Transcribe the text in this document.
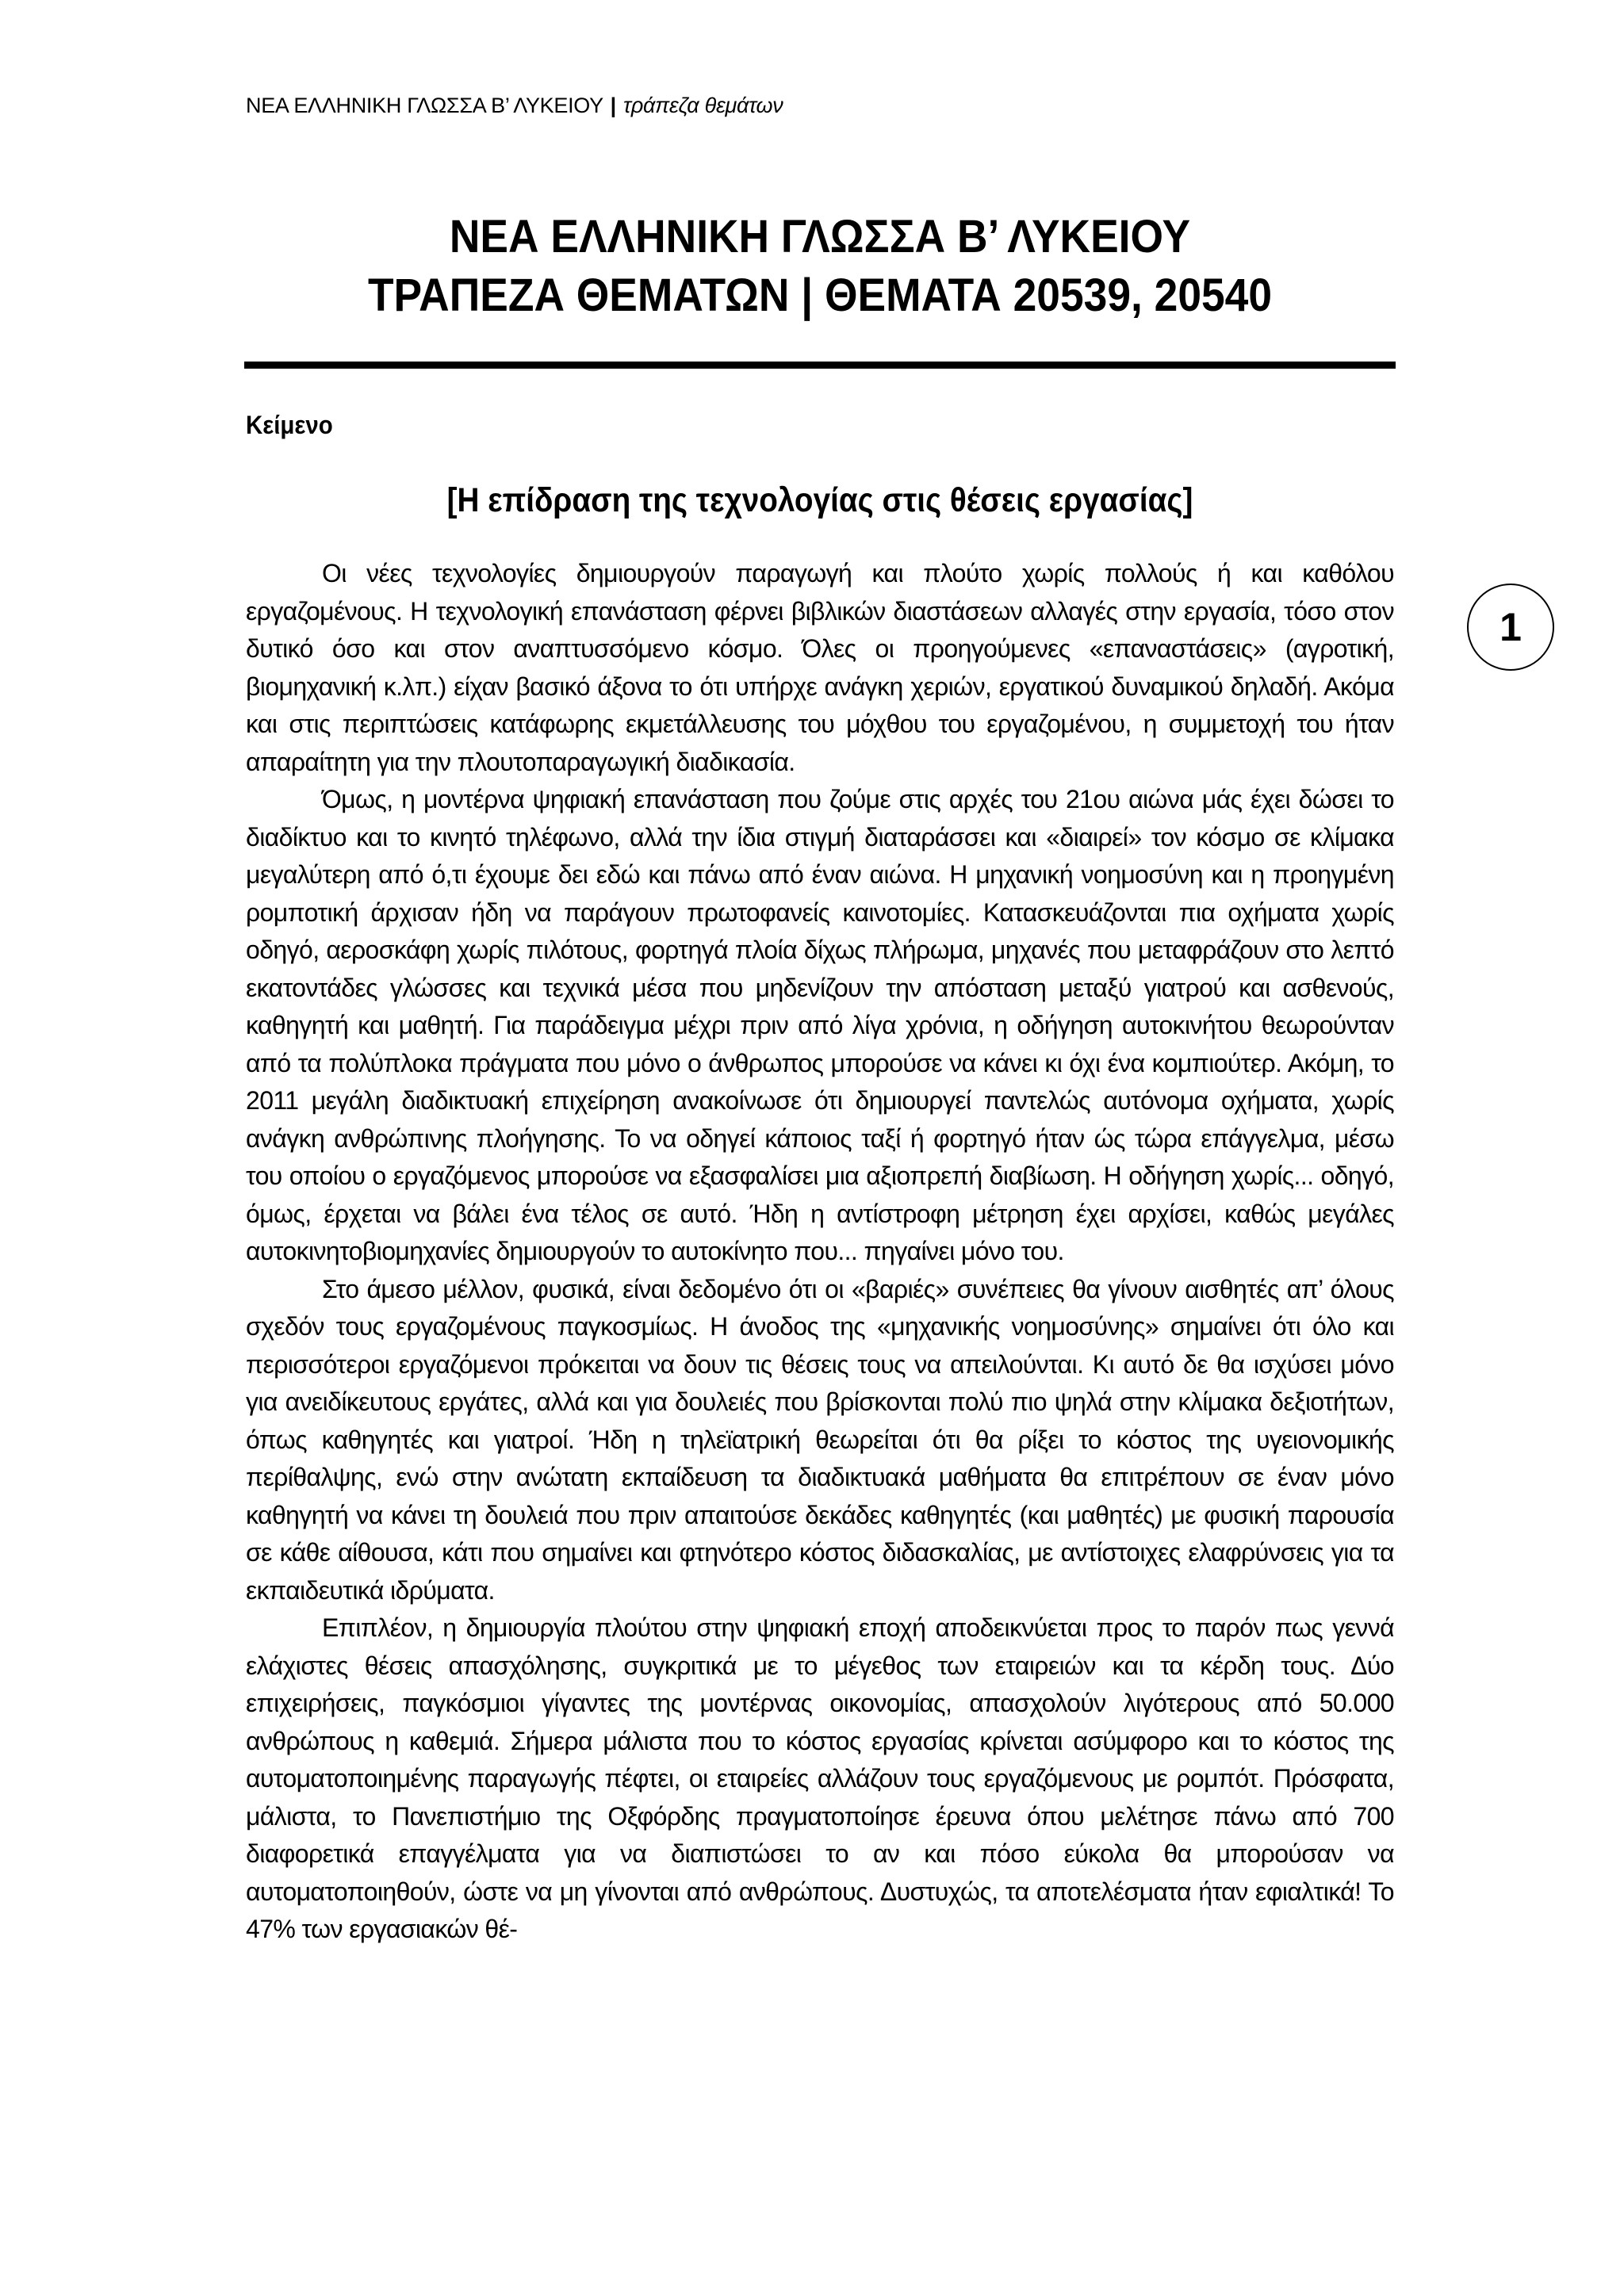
ΝΕΑ ΕΛΛΗΝΙΚΗ ΓΛΩΣΣΑ Β’ ΛΥΚΕΙΟΥ | τράπεζα θεμάτων
ΝΕΑ ΕΛΛΗΝΙΚΗ ΓΛΩΣΣΑ Β’ ΛΥΚΕΙΟΥ
ΤΡΑΠΕΖΑ ΘΕΜΑΤΩΝ | ΘΕΜΑΤΑ 20539, 20540
Κείμενο
[Η επίδραση της τεχνολογίας στις θέσεις εργασίας]
1

Οι νέες τεχνολογίες δημιουργούν παραγωγή και πλούτο χωρίς πολλούς ή και καθόλου εργαζομένους. Η τεχνολογική επανάσταση φέρνει βιβλικών διαστάσεων αλλαγές στην εργασία, τόσο στον δυτικό όσο και στον αναπτυσσόμενο κόσμο. Όλες οι προηγούμενες «επαναστάσεις» (αγροτική, βιομηχανική κ.λπ.) είχαν βασικό άξονα το ότι υπήρχε ανάγκη χεριών, εργατικού δυναμικού δηλαδή. Ακόμα και στις περιπτώσεις κατάφωρης εκμετάλλευσης του μόχθου του εργαζομένου, η συμμετοχή του ήταν απαραίτητη για την πλουτοπαραγωγική διαδικασία.

Όμως, η μοντέρνα ψηφιακή επανάσταση που ζούμε στις αρχές του 21ου αιώνα μάς έχει δώσει το διαδίκτυο και το κινητό τηλέφωνο, αλλά την ίδια στιγμή διαταράσσει και «διαιρεί» τον κόσμο σε κλίμακα μεγαλύτερη από ό,τι έχουμε δει εδώ και πάνω από έναν αιώνα. Η μηχανική νοημοσύνη και η προηγμένη ρομποτική άρχισαν ήδη να παράγουν πρωτοφανείς καινοτομίες. Κατασκευάζονται πια οχήματα χωρίς οδηγό, αεροσκάφη χωρίς πιλότους, φορτηγά πλοία δίχως πλήρωμα, μηχανές που μεταφράζουν στο λεπτό εκατοντάδες γλώσσες και τεχνικά μέσα που μηδενίζουν την απόσταση μεταξύ γιατρού και ασθενούς, καθηγητή και μαθητή. Για παράδειγμα μέχρι πριν από λίγα χρόνια, η οδήγηση αυτοκινήτου θεωρούνταν από τα πολύπλοκα πράγματα που μόνο ο άνθρωπος μπορούσε να κάνει κι όχι ένα κομπιούτερ. Ακόμη, το 2011 μεγάλη διαδικτυακή επιχείρηση ανακοίνωσε ότι δημιουργεί παντελώς αυτόνομα οχήματα, χωρίς ανάγκη ανθρώπινης πλοήγησης. Το να οδηγεί κάποιος ταξί ή φορτηγό ήταν ώς τώρα επάγγελμα, μέσω του οποίου ο εργαζόμενος μπορούσε να εξασφαλίσει μια αξιοπρεπή διαβίωση. Η οδήγηση χωρίς... οδηγό, όμως, έρχεται να βάλει ένα τέλος σε αυτό. Ήδη η αντίστροφη μέτρηση έχει αρχίσει, καθώς μεγάλες αυτοκινητοβιομηχανίες δημιουργούν το αυτοκίνητο που... πηγαίνει μόνο του.

Στο άμεσο μέλλον, φυσικά, είναι δεδομένο ότι οι «βαριές» συνέπειες θα γίνουν αισθητές απ’ όλους σχεδόν τους εργαζομένους παγκοσμίως. Η άνοδος της «μηχανικής νοημοσύνης» σημαίνει ότι όλο και περισσότεροι εργαζόμενοι πρόκειται να δουν τις θέσεις τους να απειλούνται. Κι αυτό δε θα ισχύσει μόνο για ανειδίκευτους εργάτες, αλλά και για δουλειές που βρίσκονται πολύ πιο ψηλά στην κλίμακα δεξιοτήτων, όπως καθηγητές και γιατροί. Ήδη η τηλεϊατρική θεωρείται ότι θα ρίξει το κόστος της υγειονομικής περίθαλψης, ενώ στην ανώτατη εκπαίδευση τα διαδικτυακά μαθήματα θα επιτρέπουν σε έναν μόνο καθηγητή να κάνει τη δουλειά που πριν απαιτούσε δεκάδες καθηγητές (και μαθητές) με φυσική παρουσία σε κάθε αίθουσα, κάτι που σημαίνει και φτηνότερο κόστος διδασκαλίας, με αντίστοιχες ελαφρύνσεις για τα εκπαιδευτικά ιδρύματα.

Επιπλέον, η δημιουργία πλούτου στην ψηφιακή εποχή αποδεικνύεται προς το παρόν πως γεννά ελάχιστες θέσεις απασχόλησης, συγκριτικά με το μέγεθος των εταιρειών και τα κέρδη τους. Δύο επιχειρήσεις, παγκόσμιοι γίγαντες της μοντέρνας οικονομίας, απασχολούν λιγότερους από 50.000 ανθρώπους η καθεμιά. Σήμερα μάλιστα που το κόστος εργασίας κρίνεται ασύμφορο και το κόστος της αυτοματοποιημένης παραγωγής πέφτει, οι εταιρείες αλλάζουν τους εργαζόμενους με ρομπότ. Πρόσφατα, μάλιστα, το Πανεπιστήμιο της Οξφόρδης πραγματοποίησε έρευνα όπου μελέτησε πάνω από 700 διαφορετικά επαγγέλματα για να διαπιστώσει το αν και πόσο εύκολα θα μπορούσαν να αυτοματοποιηθούν, ώστε να μη γίνονται από ανθρώπους. Δυστυχώς, τα αποτελέσματα ήταν εφιαλτικά! Το 47% των εργασιακών θέ-
